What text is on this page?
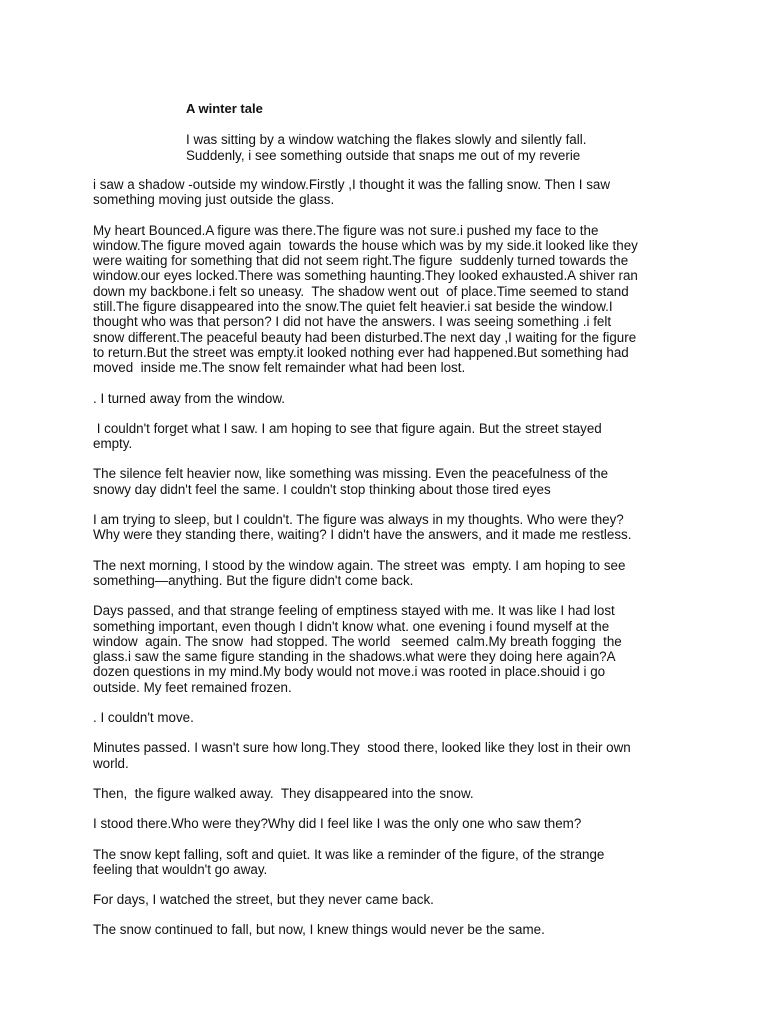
A winter tale
I was sitting by a window watching the flakes slowly and silently fall.
Suddenly, i see something outside that snaps me out of my reverie

i saw a shadow -outside my window.Firstly ,I thought it was the falling snow. Then I saw
something moving just outside the glass.

My heart Bounced.A figure was there.The figure was not sure.i pushed my face to the
window.The figure moved again  towards the house which was by my side.it looked like they
were waiting for something that did not seem right.The figure  suddenly turned towards the
window.our eyes locked.There was something haunting.They looked exhausted.A shiver ran
down my backbone.i felt so uneasy.  The shadow went out  of place.Time seemed to stand
still.The figure disappeared into the snow.The quiet felt heavier.i sat beside the window.I
thought who was that person? I did not have the answers. I was seeing something .i felt
snow different.The peaceful beauty had been disturbed.The next day ,I waiting for the figure
to return.But the street was empty.it looked nothing ever had happened.But something had
moved  inside me.The snow felt remainder what had been lost.

. I turned away from the window.

I couldn't forget what I saw. I am hoping to see that figure again. But the street stayed
empty.

The silence felt heavier now, like something was missing. Even the peacefulness of the
snowy day didn't feel the same. I couldn't stop thinking about those tired eyes

I am trying to sleep, but I couldn't. The figure was always in my thoughts. Who were they?
Why were they standing there, waiting? I didn't have the answers, and it made me restless.

The next morning, I stood by the window again. The street was  empty. I am hoping to see
something—anything. But the figure didn't come back.

Days passed, and that strange feeling of emptiness stayed with me. It was like I had lost
something important, even though I didn't know what. one evening i found myself at the
window  again. The snow  had stopped. The world   seemed  calm.My breath fogging  the
glass.i saw the same figure standing in the shadows.what were they doing here again?A
dozen questions in my mind.My body would not move.i was rooted in place.shouid i go
outside. My feet remained frozen.

. I couldn't move.

Minutes passed. I wasn't sure how long.They  stood there, looked like they lost in their own
world.

Then,  the figure walked away.  They disappeared into the snow.

I stood there.Who were they?Why did I feel like I was the only one who saw them?

The snow kept falling, soft and quiet. It was like a reminder of the figure, of the strange
feeling that wouldn't go away.

For days, I watched the street, but they never came back.

The snow continued to fall, but now, I knew things would never be the same.
